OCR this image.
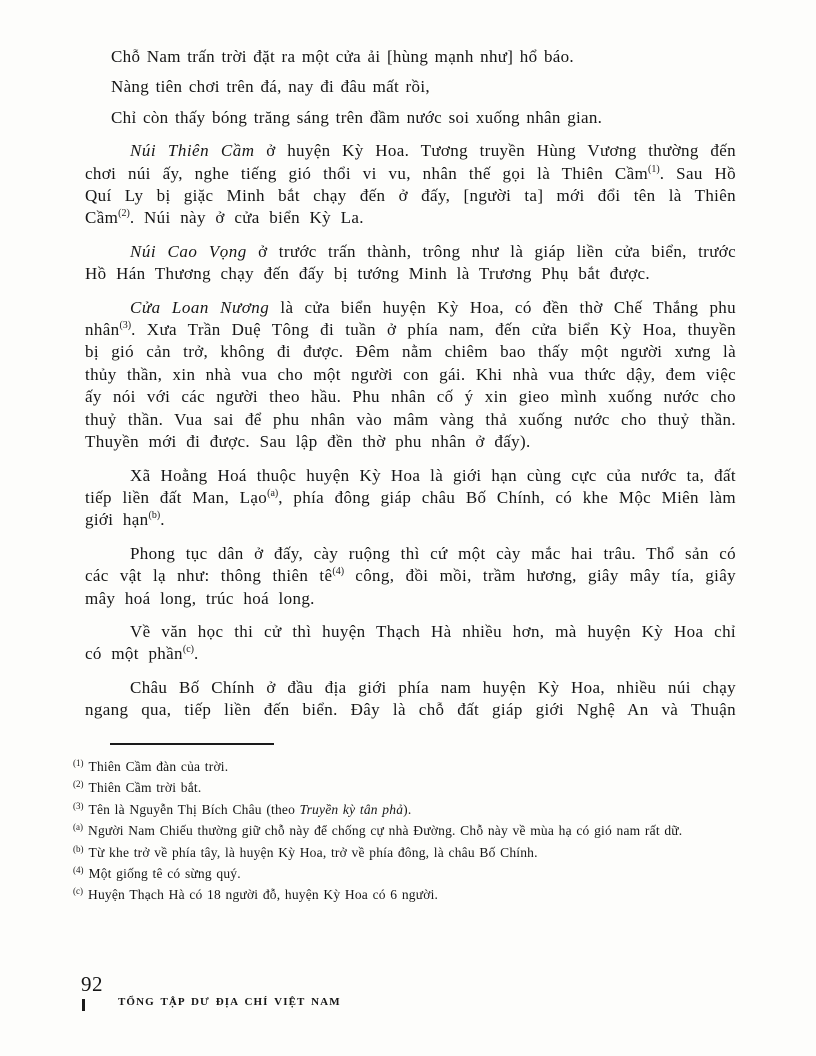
Chỗ Nam trấn trời đặt ra một cửa ải [hùng mạnh như] hổ báo.

Nàng tiên chơi trên đá, nay đi đâu mất rồi,

Chỉ còn thấy bóng trăng sáng trên đầm nước soi xuống nhân gian.

Núi Thiên Cầm ở huyện Kỳ Hoa. Tương truyền Hùng Vương thường đến chơi núi ấy, nghe tiếng gió thổi vi vu, nhân thế gọi là Thiên Cầm$^{(1)}$. Sau Hồ Quí Ly bị giặc Minh bắt chạy đến ở đấy, [người ta] mới đổi tên là Thiên Cầm$^{(2)}$. Núi này ở cửa biển Kỳ La.

Núi Cao Vọng ở trước trấn thành, trông như là giáp liền cửa biển, trước Hồ Hán Thương chạy đến đấy bị tướng Minh là Trương Phụ bắt được.

Cửa Loan Nương là cửa biển huyện Kỳ Hoa, có đền thờ Chế Thắng phu nhân$^{(3)}$. Xưa Trần Duệ Tông đi tuần ở phía nam, đến cửa biển Kỳ Hoa, thuyền bị gió cản trở, không đi được. Đêm nằm chiêm bao thấy một người xưng là thủy thần, xin nhà vua cho một người con gái. Khi nhà vua thức dậy, đem việc ấy nói với các người theo hầu. Phu nhân cố ý xin gieo mình xuống nước cho thuỷ thần. Vua sai để phu nhân vào mâm vàng thả xuống nước cho thuỷ thần. Thuyền mới đi được. Sau lập đền thờ phu nhân ở đấy).

Xã Hoằng Hoá thuộc huyện Kỳ Hoa là giới hạn cùng cực của nước ta, đất tiếp liền đất Man, Lạo$^{(a)}$, phía đông giáp châu Bố Chính, có khe Mộc Miên làm giới hạn$^{(b)}$.

Phong tục dân ở đấy, cày ruộng thì cứ một cày mắc hai trâu. Thổ sản có các vật lạ như: thông thiên tê$^{(4)}$ công, đồi mồi, trầm hương, giây mây tía, giây mây hoá long, trúc hoá long.

Về văn học thi cử thì huyện Thạch Hà nhiều hơn, mà huyện Kỳ Hoa chỉ có một phần$^{(c)}$.

Châu Bố Chính ở đầu địa giới phía nam huyện Kỳ Hoa, nhiều núi chạy ngang qua, tiếp liền đến biển. Đây là chỗ đất giáp giới Nghệ An và Thuận

$^{(1)}$ Thiên Cầm đàn của trời.
$^{(2)}$ Thiên Cầm trời bắt.
$^{(3)}$ Tên là Nguyễn Thị Bích Châu (theo Truyền kỳ tân phả).
$^{(a)}$ Người Nam Chiếu thường giữ chỗ này để chống cự nhà Đường. Chỗ này về mùa hạ có gió nam rất dữ.
$^{(b)}$ Từ khe trở về phía tây, là huyện Kỳ Hoa, trở về phía đông, là châu Bố Chính.
$^{(4)}$ Một giống tê có sừng quý.
$^{(c)}$ Huyện Thạch Hà có 18 người đỗ, huyện Kỳ Hoa có 6 người.
92
TỔNG TẬP DƯ ĐỊA CHÍ VIỆT NAM
